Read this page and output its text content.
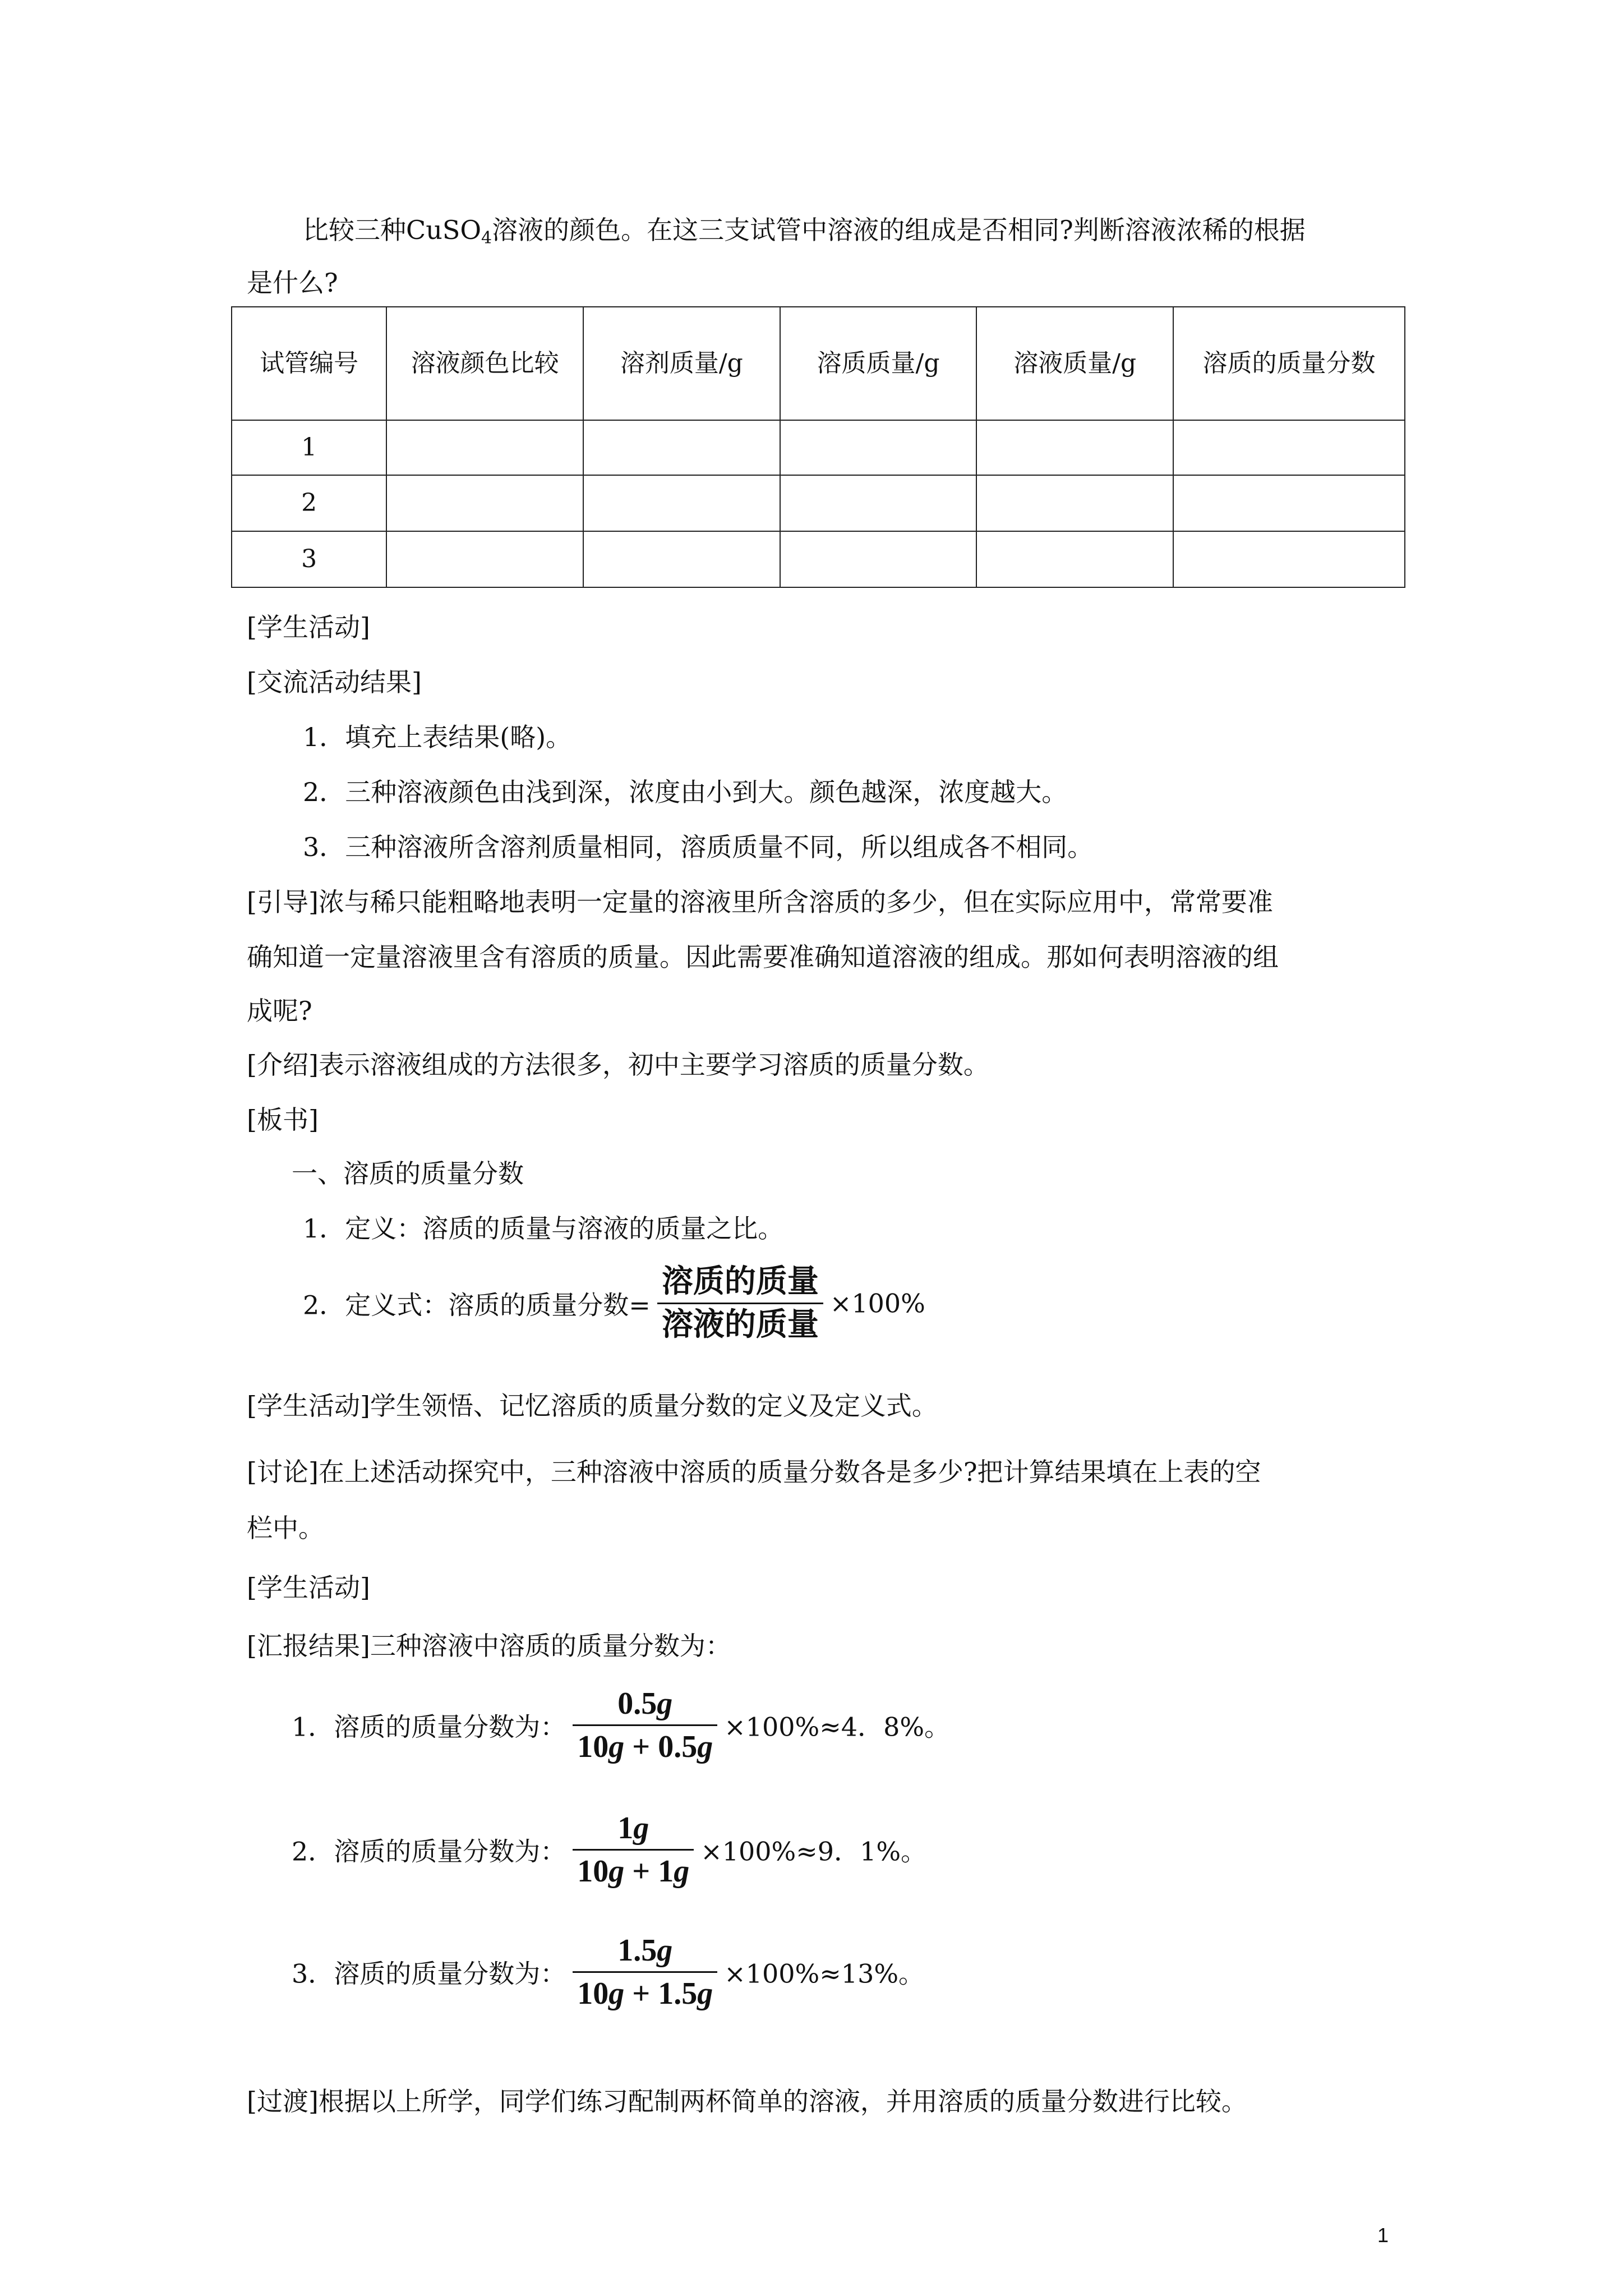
比较三种CuSO$_4$溶液的颜色。在这三支试管中溶液的组成是否相同?判断溶液浓稀的根据
是什么?
试管编号	溶液颜色比较	溶剂质量/g	溶质质量/g	溶液质量/g	溶质的质量分数
1					
2					
3					
[学生活动]
[交流活动结果]
1．填充上表结果(略)。
2．三种溶液颜色由浅到深，浓度由小到大。颜色越深，浓度越大。
3．三种溶液所含溶剂质量相同，溶质质量不同，所以组成各不相同。
[引导]浓与稀只能粗略地表明一定量的溶液里所含溶质的多少，但在实际应用中，常常要准
确知道一定量溶液里含有溶质的质量。因此需要准确知道溶液的组成。那如何表明溶液的组
成呢?
[介绍]表示溶液组成的方法很多，初中主要学习溶质的质量分数。
[板书]
一、溶质的质量分数
1．定义：溶质的质量与溶液的质量之比。
2．定义式：溶质的质量分数= $\frac{\text{溶质的质量}}{\text{溶液的质量}} \times 100\%$
[学生活动]学生领悟、记忆溶质的质量分数的定义及定义式。
[讨论]在上述活动探究中，三种溶液中溶质的质量分数各是多少?把计算结果填在上表的空
栏中。
[学生活动]
[汇报结果]三种溶液中溶质的质量分数为：
1．溶质的质量分数为： $\frac{0.5g}{10g + 0.5g} \times 100\%\approx 4$．8%。
2．溶质的质量分数为： $\frac{1g}{10g + 1g} \times 100\%\approx 9$．1%。
3．溶质的质量分数为： $\frac{1.5g}{10g + 1.5g} \times 100\%\approx 13\%$。
[过渡]根据以上所学，同学们练习配制两杯简单的溶液，并用溶质的质量分数进行比较。
1
